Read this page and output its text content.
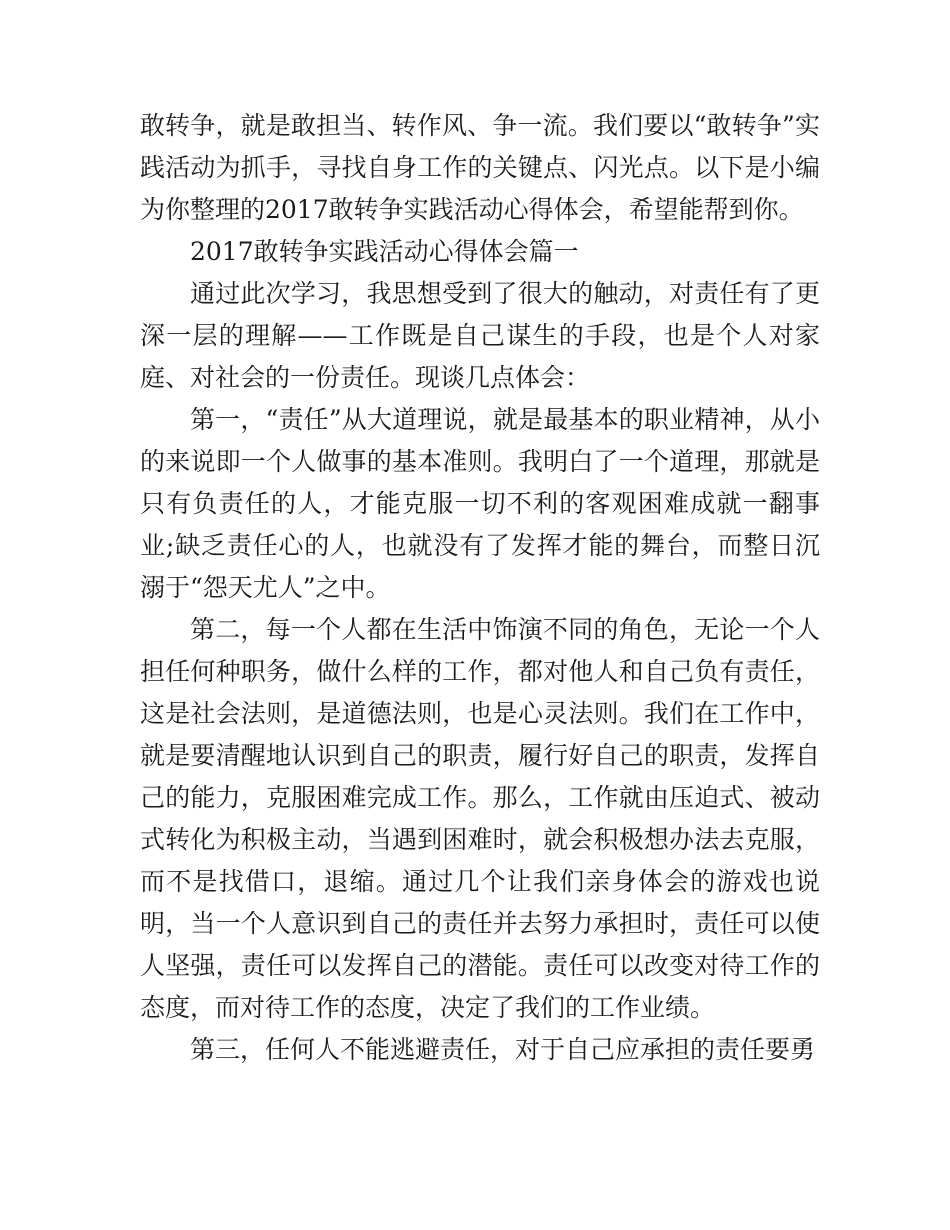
敢转争，就是敢担当、转作风、争一流。我们要以“敢转争”实践活动为抓手，寻找自身工作的关键点、闪光点。以下是小编为你整理的2017敢转争实践活动心得体会，希望能帮到你。

2017敢转争实践活动心得体会篇一

通过此次学习，我思想受到了很大的触动，对责任有了更深一层的理解——工作既是自己谋生的手段，也是个人对家庭、对社会的一份责任。现谈几点体会：

第一，“责任”从大道理说，就是最基本的职业精神，从小的来说即一个人做事的基本准则。我明白了一个道理，那就是只有负责任的人，才能克服一切不利的客观困难成就一翻事业;缺乏责任心的人，也就没有了发挥才能的舞台，而整日沉溺于“怨天尤人”之中。

第二，每一个人都在生活中饰演不同的角色，无论一个人担任何种职务，做什么样的工作，都对他人和自己负有责任，这是社会法则，是道德法则，也是心灵法则。我们在工作中，就是要清醒地认识到自己的职责，履行好自己的职责，发挥自己的能力，克服困难完成工作。那么，工作就由压迫式、被动式转化为积极主动，当遇到困难时，就会积极想办法去克服，而不是找借口，退缩。通过几个让我们亲身体会的游戏也说明，当一个人意识到自己的责任并去努力承担时，责任可以使人坚强，责任可以发挥自己的潜能。责任可以改变对待工作的态度，而对待工作的态度，决定了我们的工作业绩。

第三，任何人不能逃避责任，对于自己应承担的责任要勇
